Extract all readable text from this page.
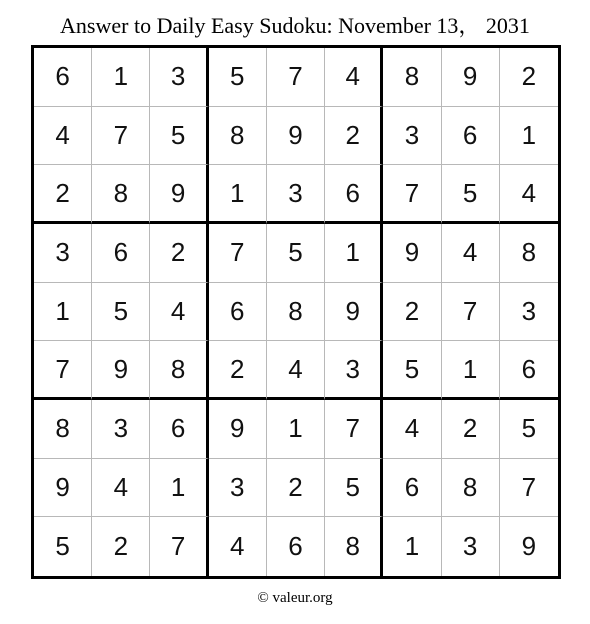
Answer to Daily Easy Sudoku: November 13， 2031
6	1	3	5	7	4	8	9	2
4	7	5	8	9	2	3	6	1
2	8	9	1	3	6	7	5	4
3	6	2	7	5	1	9	4	8
1	5	4	6	8	9	2	7	3
7	9	8	2	4	3	5	1	6
8	3	6	9	1	7	4	2	5
9	4	1	3	2	5	6	8	7
5	2	7	4	6	8	1	3	9
© valeur.org
